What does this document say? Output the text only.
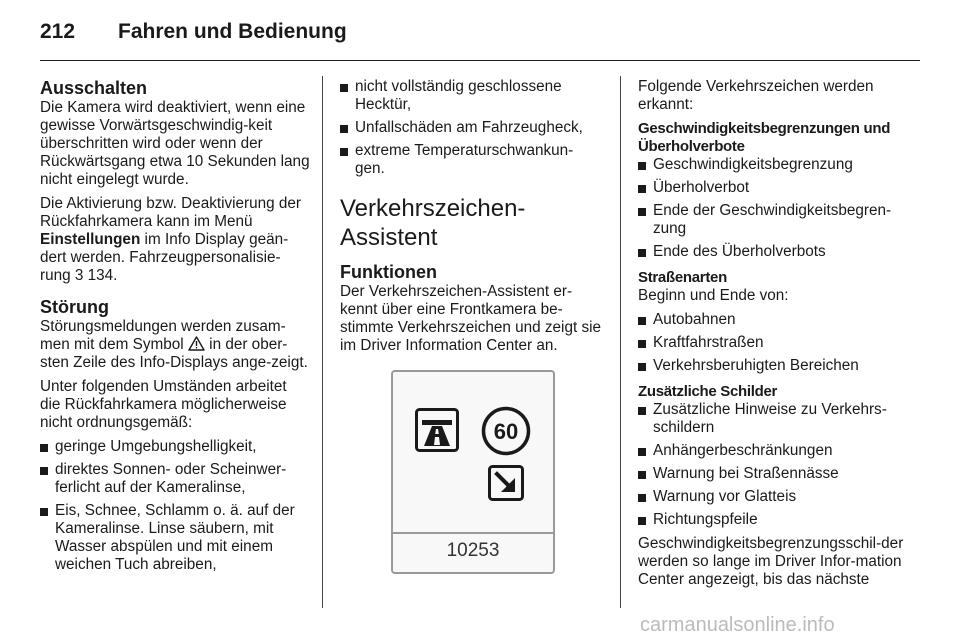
212 Fahren und Bedienung
Ausschalten

Die Kamera wird deaktiviert, wenn eine gewisse Vorwärtsgeschwindig-keit überschritten wird oder wenn der Rückwärtsgang etwa 10 Sekunden lang nicht eingelegt wurde.

Die Aktivierung bzw. Deaktivierung der Rückfahrkamera kann im Menü Einstellungen im Info Display geän-dert werden. Fahrzeugpersonalisie-rung 3 134.

Störung

Störungsmeldungen werden zusam-men mit dem Symbol  in der ober-sten Zeile des Info-Displays ange-zeigt.

Unter folgenden Umständen arbeitet die Rückfahrkamera möglicherweise nicht ordnungsgemäß:

geringe Umgebungshelligkeit,
direktes Sonnen- oder Scheinwer-ferlicht auf der Kameralinse,
Eis, Schnee, Schlamm o. ä. auf der Kameralinse. Linse säubern, mit Wasser abspülen und mit einem weichen Tuch abreiben,
nicht vollständig geschlossene Hecktür,
Unfallschäden am Fahrzeugheck,
extreme Temperaturschwankun-gen.
Verkehrszeichen-Assistent
Funktionen

Der Verkehrszeichen-Assistent er-kennt über eine Frontkamera be-stimmte Verkehrszeichen und zeigt sie im Driver Information Center an.

60
10253

Folgende Verkehrszeichen werden erkannt:

Geschwindigkeitsbegrenzungen und Überholverbote

Geschwindigkeitsbegrenzung
Überholverbot
Ende der Geschwindigkeitsbegren-zung
Ende des Überholverbots

Straßenarten

Beginn und Ende von:

Autobahnen
Kraftfahrstraßen
Verkehrsberuhigten Bereichen

Zusätzliche Schilder

Zusätzliche Hinweise zu Verkehrs-schildern
Anhängerbeschränkungen
Warnung bei Straßennässe
Warnung vor Glatteis
Richtungspfeile

Geschwindigkeitsbegrenzungsschil-der werden so lange im Driver Infor-mation Center angezeigt, bis das nächste

carmanualsonline.info
